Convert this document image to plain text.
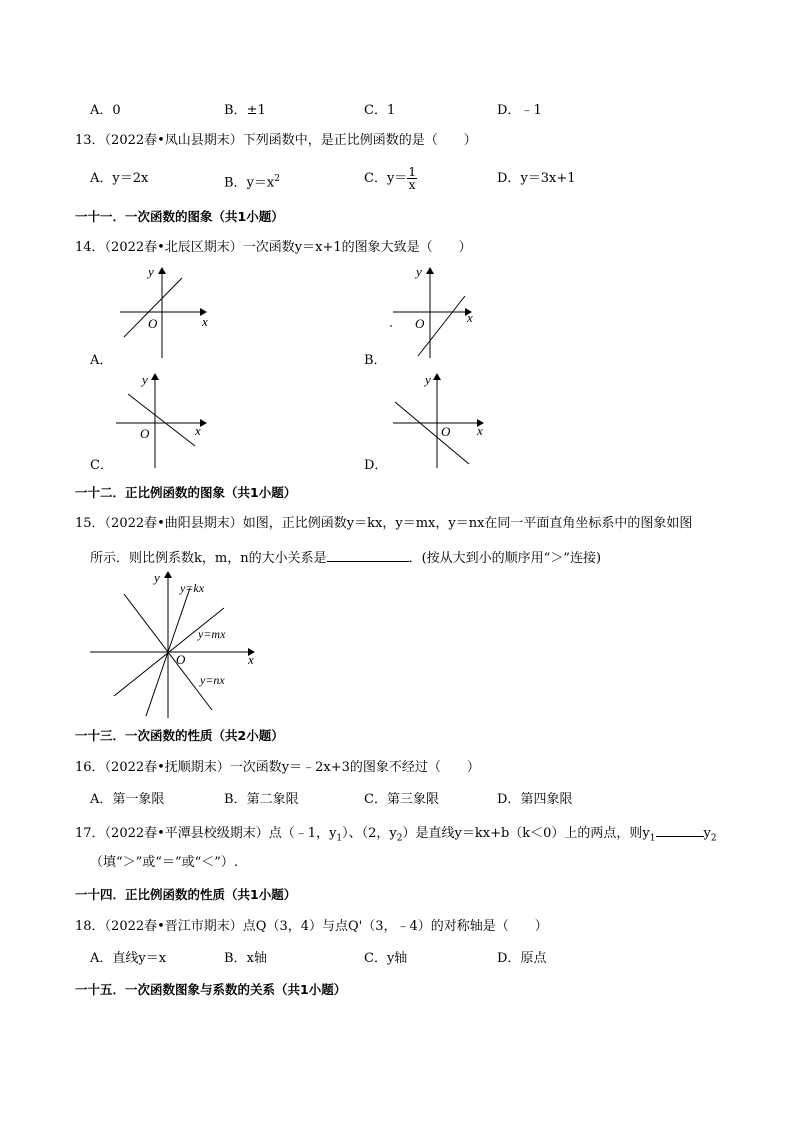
A．0	B．±1	C．1	D．﹣1
13．（2022春•凤山县期末）下列函数中，是正比例函数的是（　　）
A．y＝2x	B．$y=x^2$	C．$y= \frac{1}{x}$	D．y＝3x+1
一十一．一次函数的图象（共1小题）
14．（2022春•北辰区期末）一次函数y＝x+1的图象大致是（　　）
y
x
O
A．
y
x
O
B．
y
x
O
C．
y
x
O
D．
一十二．正比例函数的图象（共1小题）
15．（2022春•曲阳县期末）如图，正比例函数y＝kx，y＝mx，y＝nx在同一平面直角坐标系中的图象如图
所示．则比例系数k，m，n的大小关系是	．(按从大到小的顺序用“＞”连接)
y
x
O
y=kx
y=mx
y=nx
一十三．一次函数的性质（共2小题）
16．（2022春•抚顺期末）一次函数y＝﹣2x+3的图象不经过（　　）
A．第一象限	B．第二象限	C．第三象限	D．第四象限
17．（2022春•平潭县校级期末）点（﹣1，$y_1$）、（2，$y_2$）是直线y＝kx+b（k＜0）上的两点，则$y_1$	$y_2$
（填“＞”或“＝”或“＜”）.
一十四．正比例函数的性质（共1小题）
18．（2022春•晋江市期末）点Q（3，4）与点Q'（3，﹣4）的对称轴是（　　）
A．直线y＝x	B．x轴	C．y轴	D．原点
一十五．一次函数图象与系数的关系（共1小题）
